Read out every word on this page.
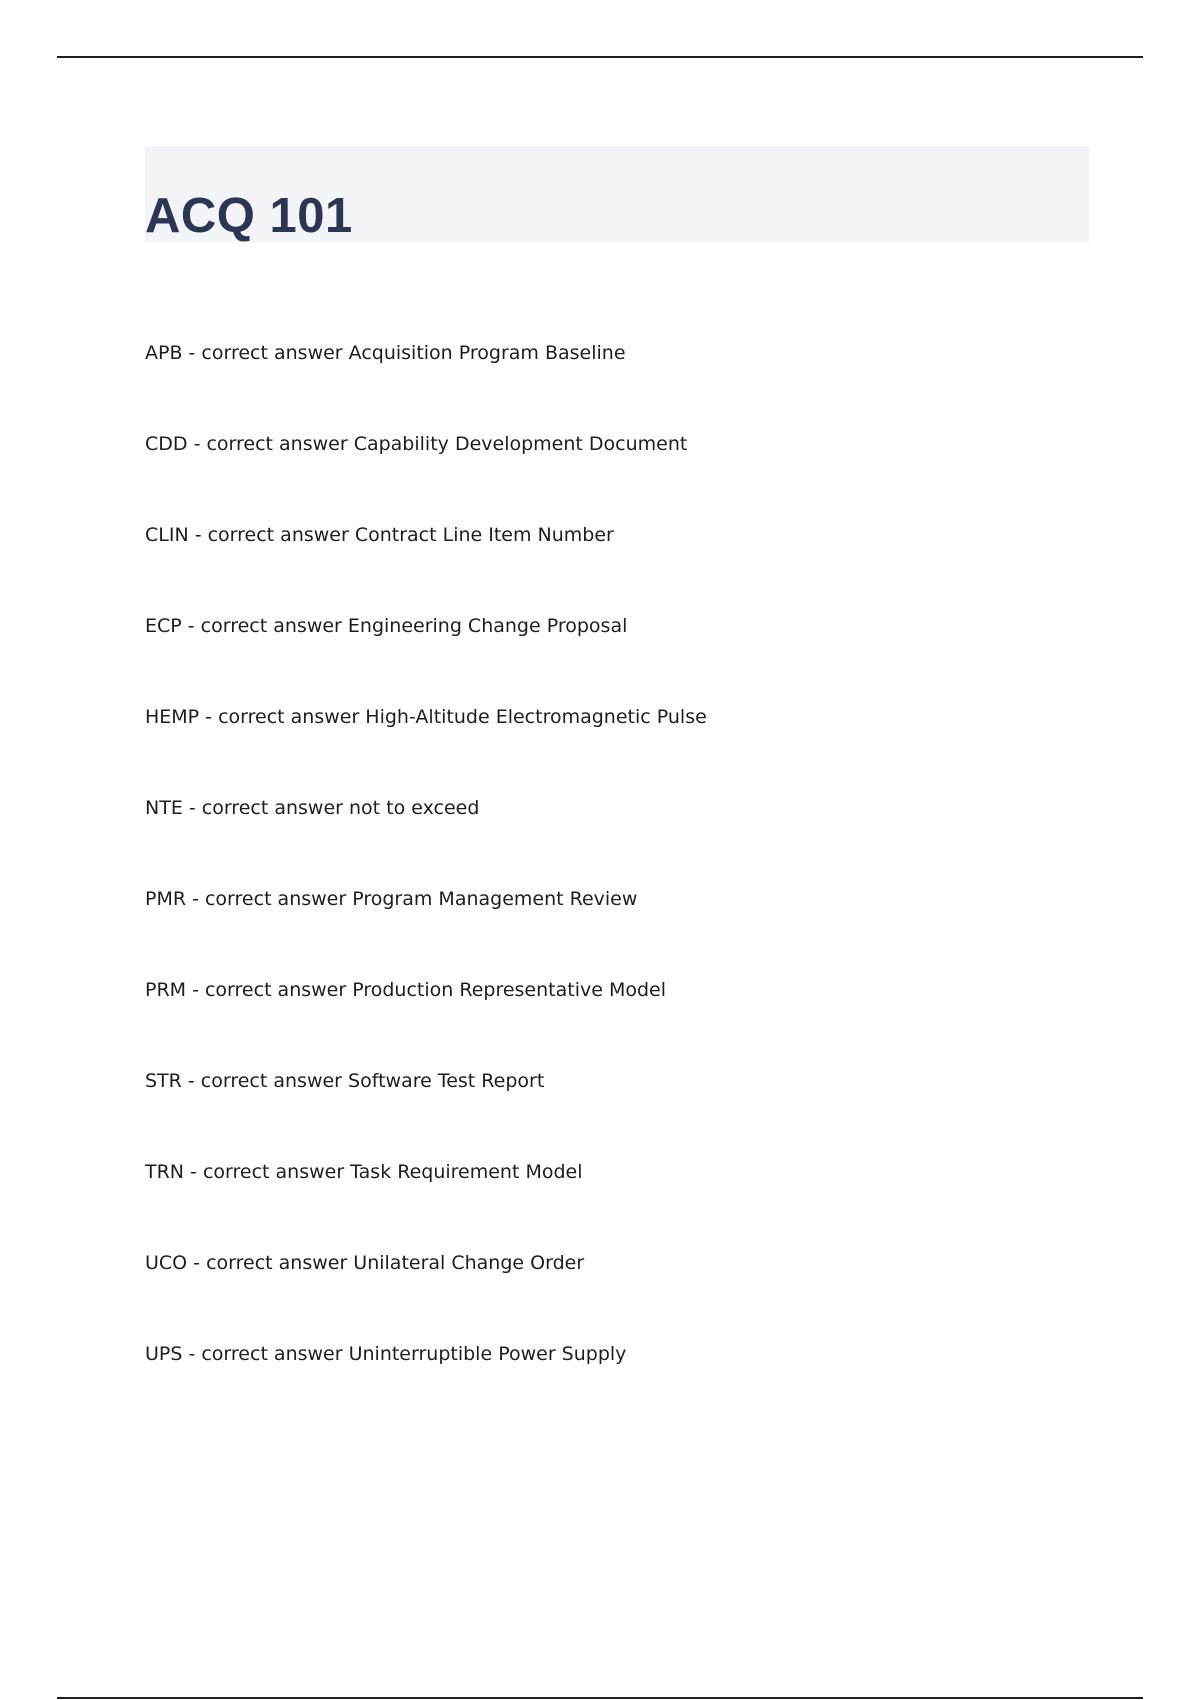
ACQ 101
APB - correct answer Acquisition Program Baseline
CDD - correct answer Capability Development Document
CLIN - correct answer Contract Line Item Number
ECP - correct answer Engineering Change Proposal
HEMP - correct answer High-Altitude Electromagnetic Pulse
NTE - correct answer not to exceed
PMR - correct answer Program Management Review
PRM - correct answer Production Representative Model
STR - correct answer Software Test Report
TRN - correct answer Task Requirement Model
UCO - correct answer Unilateral Change Order
UPS - correct answer Uninterruptible Power Supply
